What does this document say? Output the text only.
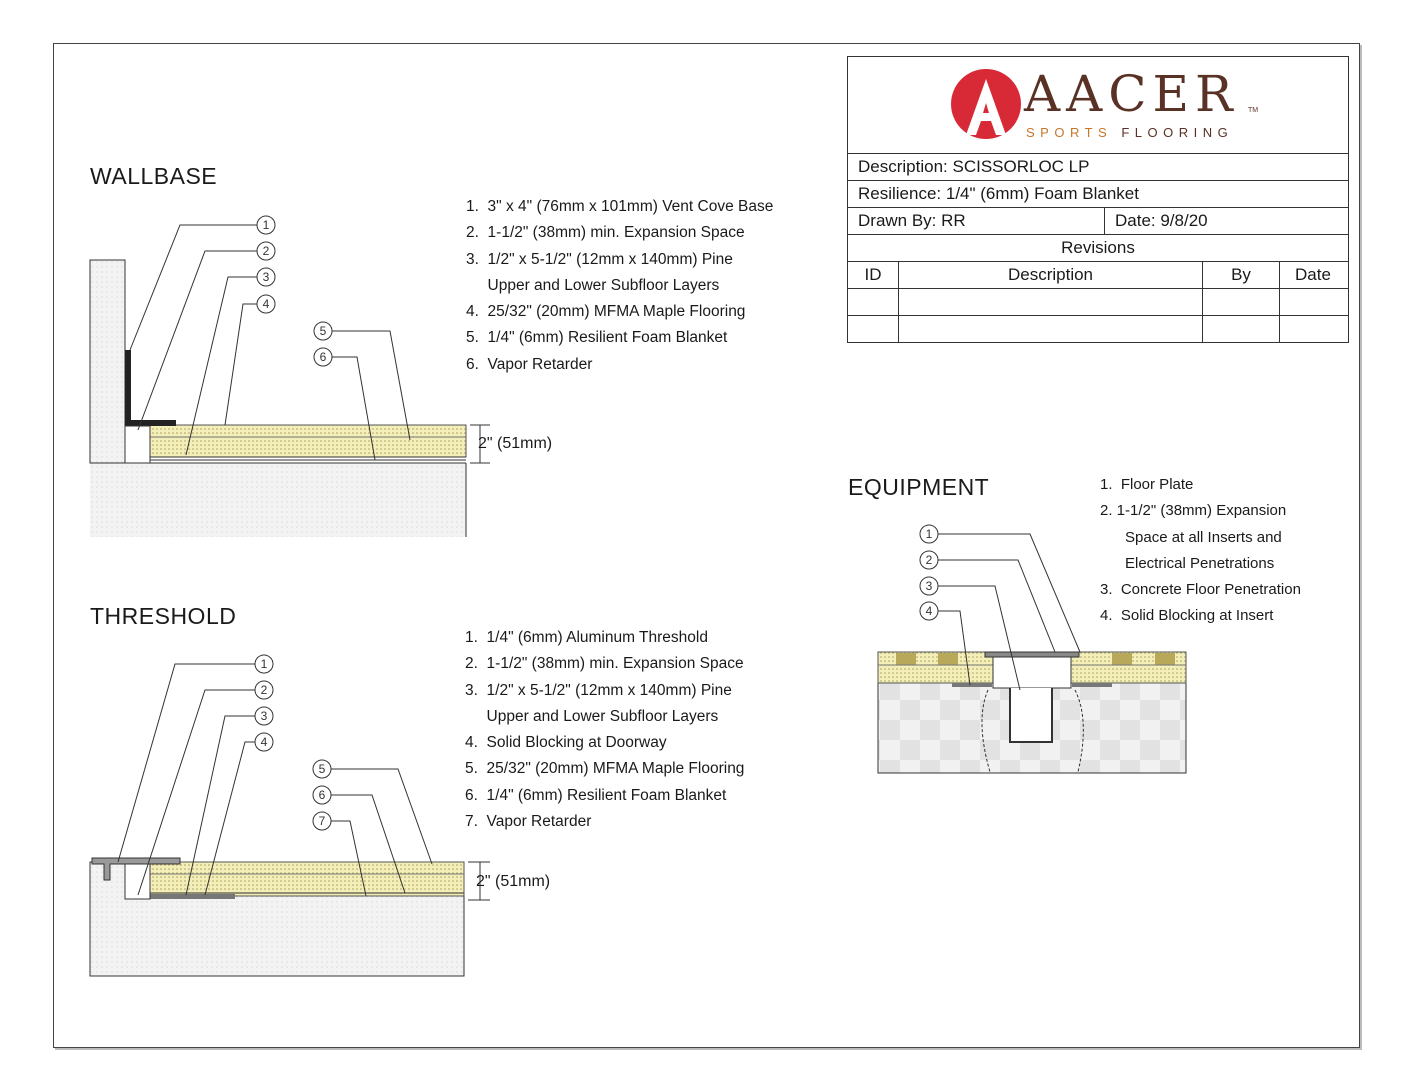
AACER
SPORTS FLOORING
TM
Description: SCISSORLOC LP
Resilience: 1/4" (6mm) Foam Blanket
Drawn By: RR	Date: 9/8/20
Revisions
ID	Description	By	Date
1
2
3
4
5
6
1
2
3
4
5
6
7
1
2
3
4
WALLBASE
THRESHOLD
EQUIPMENT
2" (51mm)
2" (51mm)
1.  3" x 4" (76mm x 101mm) Vent Cove Base
2.  1-1/2" (38mm) min. Expansion Space
3.  1/2" x 5-1/2" (12mm x 140mm) Pine
Upper and Lower Subfloor Layers
4.  25/32" (20mm) MFMA Maple Flooring
5.  1/4" (6mm) Resilient Foam Blanket
6.  Vapor Retarder
1.  1/4" (6mm) Aluminum Threshold
2.  1-1/2" (38mm) min. Expansion Space
3.  1/2" x 5-1/2" (12mm x 140mm) Pine
Upper and Lower Subfloor Layers
4.  Solid Blocking at Doorway
5.  25/32" (20mm) MFMA Maple Flooring
6.  1/4" (6mm) Resilient Foam Blanket
7.  Vapor Retarder
1.  Floor Plate
2. 1-1/2" (38mm) Expansion
Space at all Inserts and
Electrical Penetrations
3.  Concrete Floor Penetration
4.  Solid Blocking at Insert
